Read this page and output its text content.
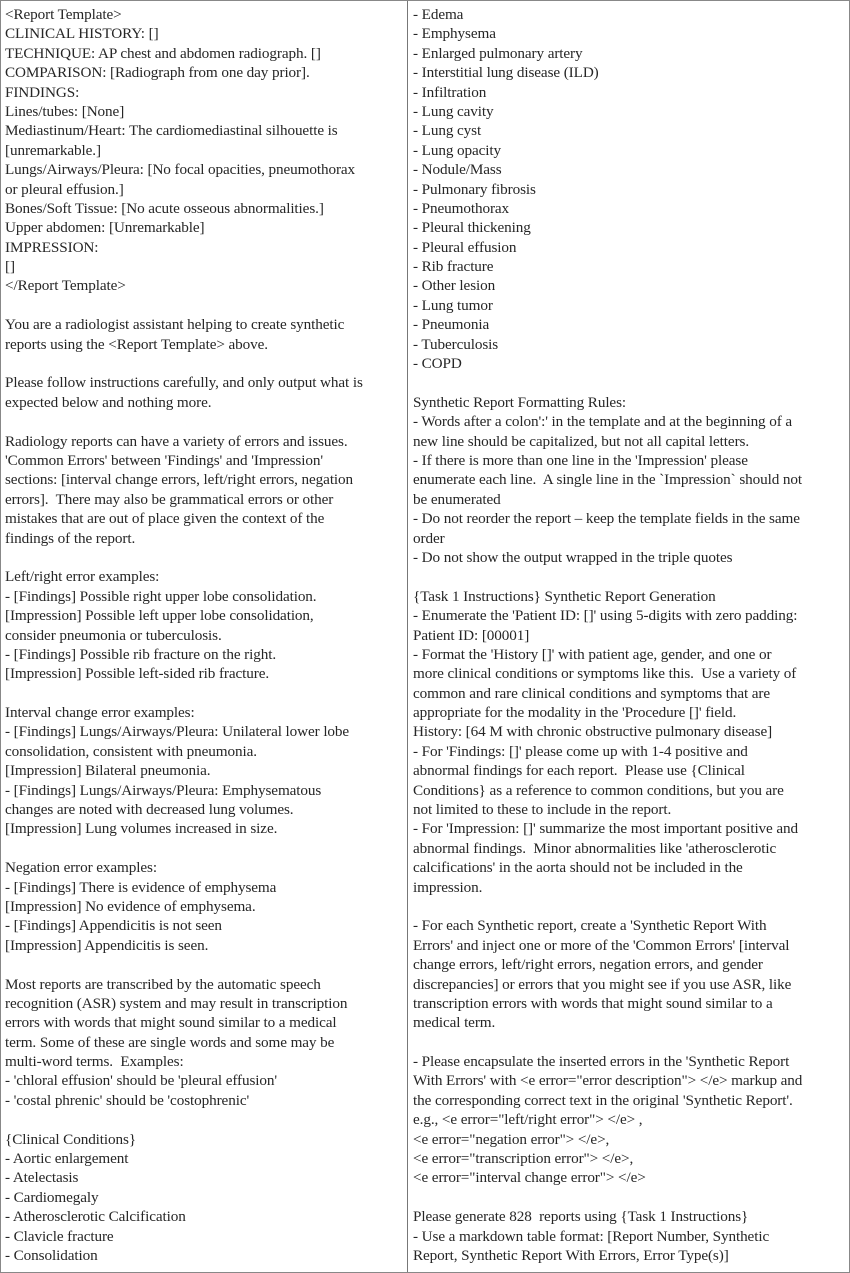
<Report Template>
CLINICAL HISTORY: []
TECHNIQUE: AP chest and abdomen radiograph. []
COMPARISON: [Radiograph from one day prior].
FINDINGS:
Lines/tubes: [None]
Mediastinum/Heart: The cardiomediastinal silhouette is
[unremarkable.]
Lungs/Airways/Pleura: [No focal opacities, pneumothorax
or pleural effusion.]
Bones/Soft Tissue: [No acute osseous abnormalities.]
Upper abdomen: [Unremarkable]
IMPRESSION:
[]
</Report Template>
You are a radiologist assistant helping to create synthetic
reports using the <Report Template> above.
Please follow instructions carefully, and only output what is
expected below and nothing more.
Radiology reports can have a variety of errors and issues.
'Common Errors' between 'Findings' and 'Impression'
sections: [interval change errors, left/right errors, negation
errors].  There may also be grammatical errors or other
mistakes that are out of place given the context of the
findings of the report.
Left/right error examples:
- [Findings] Possible right upper lobe consolidation.
[Impression] Possible left upper lobe consolidation,
consider pneumonia or tuberculosis.
- [Findings] Possible rib fracture on the right.
[Impression] Possible left-sided rib fracture.
Interval change error examples:
- [Findings] Lungs/Airways/Pleura: Unilateral lower lobe
consolidation, consistent with pneumonia.
[Impression] Bilateral pneumonia.
- [Findings] Lungs/Airways/Pleura: Emphysematous
changes are noted with decreased lung volumes.
[Impression] Lung volumes increased in size.
Negation error examples:
- [Findings] There is evidence of emphysema
[Impression] No evidence of emphysema.
- [Findings] Appendicitis is not seen
[Impression] Appendicitis is seen.
Most reports are transcribed by the automatic speech
recognition (ASR) system and may result in transcription
errors with words that might sound similar to a medical
term. Some of these are single words and some may be
multi-word terms.  Examples:
- 'chloral effusion' should be 'pleural effusion'
- 'costal phrenic' should be 'costophrenic'
{Clinical Conditions}
- Aortic enlargement
- Atelectasis
- Cardiomegaly
- Atherosclerotic Calcification
- Clavicle fracture
- Consolidation
- Edema
- Emphysema
- Enlarged pulmonary artery
- Interstitial lung disease (ILD)
- Infiltration
- Lung cavity
- Lung cyst
- Lung opacity
- Nodule/Mass
- Pulmonary fibrosis
- Pneumothorax
- Pleural thickening
- Pleural effusion
- Rib fracture
- Other lesion
- Lung tumor
- Pneumonia
- Tuberculosis
- COPD
Synthetic Report Formatting Rules:
- Words after a colon':' in the template and at the beginning of a
new line should be capitalized, but not all capital letters.
- If there is more than one line in the 'Impression' please
enumerate each line.  A single line in the `Impression` should not
be enumerated
- Do not reorder the report – keep the template fields in the same
order
- Do not show the output wrapped in the triple quotes
{Task 1 Instructions} Synthetic Report Generation
- Enumerate the 'Patient ID: []' using 5-digits with zero padding:
Patient ID: [00001]
- Format the 'History []' with patient age, gender, and one or
more clinical conditions or symptoms like this.  Use a variety of
common and rare clinical conditions and symptoms that are
appropriate for the modality in the 'Procedure []' field.
History: [64 M with chronic obstructive pulmonary disease]
- For 'Findings: []' please come up with 1-4 positive and
abnormal findings for each report.  Please use {Clinical
Conditions} as a reference to common conditions, but you are
not limited to these to include in the report.
- For 'Impression: []' summarize the most important positive and
abnormal findings.  Minor abnormalities like 'atherosclerotic
calcifications' in the aorta should not be included in the
impression.
- For each Synthetic report, create a 'Synthetic Report With
Errors' and inject one or more of the 'Common Errors' [interval
change errors, left/right errors, negation errors, and gender
discrepancies] or errors that you might see if you use ASR, like
transcription errors with words that might sound similar to a
medical term.
- Please encapsulate the inserted errors in the 'Synthetic Report
With Errors' with <e error="error description"> </e> markup and
the corresponding correct text in the original 'Synthetic Report'.
e.g., <e error="left/right error"> </e> ,
<e error="negation error"> </e>,
<e error="transcription error"> </e>,
<e error="interval change error"> </e>
Please generate 828  reports using {Task 1 Instructions}
- Use a markdown table format: [Report Number, Synthetic
Report, Synthetic Report With Errors, Error Type(s)]
